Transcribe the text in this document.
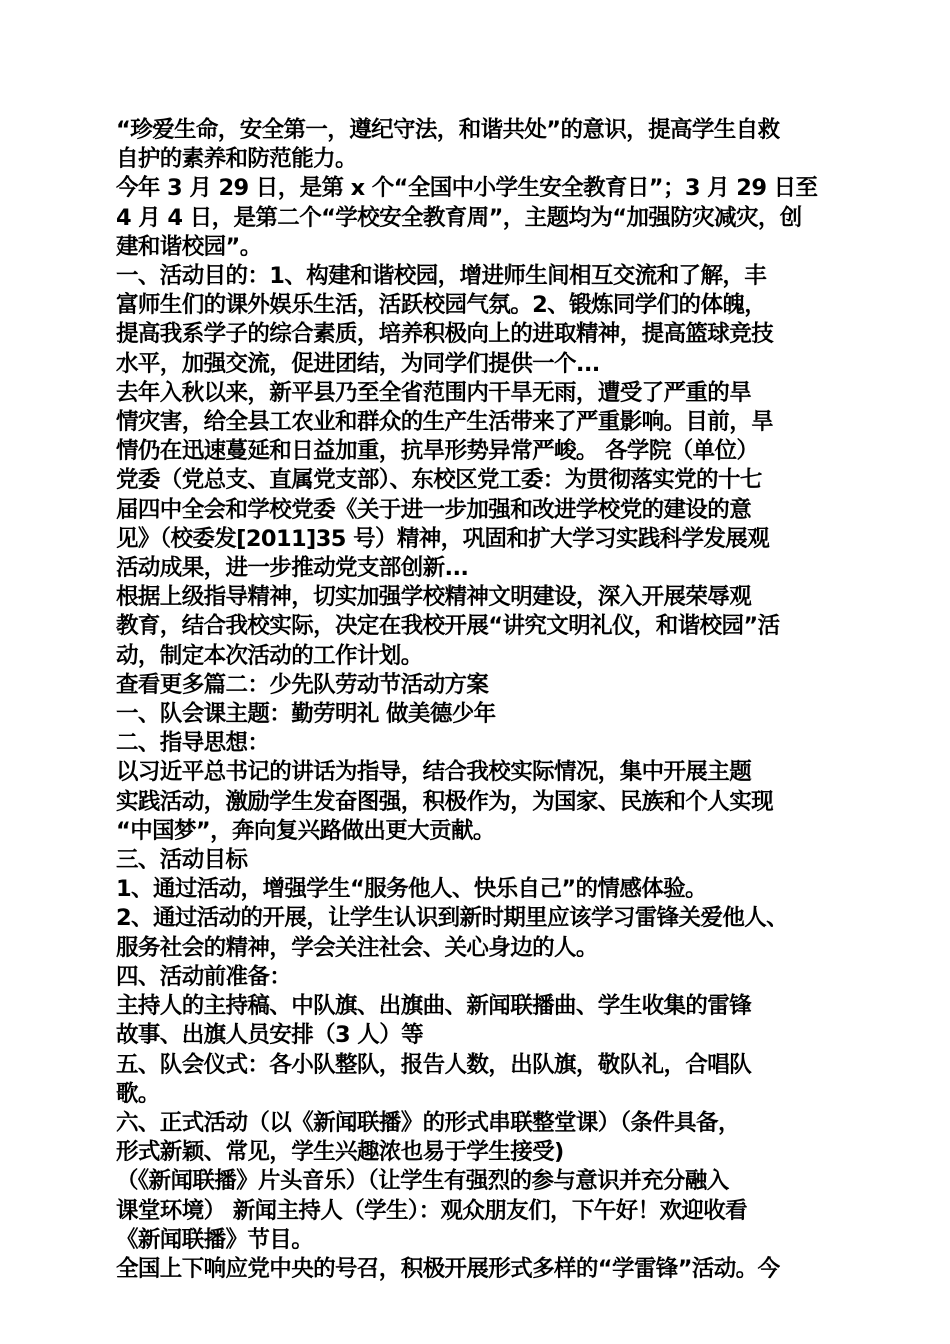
“珍爱生命，安全第一，遵纪守法，和谐共处”的意识，提高学生自救
自护的素养和防范能力。
今年 3 月 29 日，是第 x 个“全国中小学生安全教育日”；3 月 29 日至
4 月 4 日，是第二个“学校安全教育周”，主题均为“加强防灾减灾，创
建和谐校园”。
一、活动目的：1、构建和谐校园，增进师生间相互交流和了解，丰
富师生们的课外娱乐生活，活跃校园气氛。2、锻炼同学们的体魄，
提高我系学子的综合素质，培养积极向上的进取精神，提高篮球竞技
水平，加强交流，促进团结，为同学们提供一个...
去年入秋以来，新平县乃至全省范围内干旱无雨，遭受了严重的旱
情灾害，给全县工农业和群众的生产生活带来了严重影响。目前，旱
情仍在迅速蔓延和日益加重，抗旱形势异常严峻。 各学院（单位）
党委（党总支、直属党支部）、东校区党工委：为贯彻落实党的十七
届四中全会和学校党委《关于进一步加强和改进学校党的建设的意
见》（校委发[2011]35 号）精神，巩固和扩大学习实践科学发展观
活动成果，进一步推动党支部创新...
根据上级指导精神，切实加强学校精神文明建设，深入开展荣辱观
教育，结合我校实际，决定在我校开展“讲究文明礼仪，和谐校园”活
动，制定本次活动的工作计划。
查看更多篇二：少先队劳动节活动方案
一、队会课主题：勤劳明礼 做美德少年
二、指导思想：
以习近平总书记的讲话为指导，结合我校实际情况，集中开展主题
实践活动，激励学生发奋图强，积极作为，为国家、民族和个人实现
“中国梦”，奔向复兴路做出更大贡献。
三、活动目标
1、通过活动，增强学生“服务他人、快乐自己”的情感体验。
2、通过活动的开展，让学生认识到新时期里应该学习雷锋关爱他人、
服务社会的精神，学会关注社会、关心身边的人。
四、活动前准备：
主持人的主持稿、中队旗、出旗曲、新闻联播曲、学生收集的雷锋
故事、出旗人员安排（3 人）等
五、队会仪式：各小队整队，报告人数，出队旗，敬队礼，合唱队
歌。
六、正式活动（以《新闻联播》的形式串联整堂课）（条件具备，
形式新颖、常见，学生兴趣浓也易于学生接受)
（《新闻联播》片头音乐）（让学生有强烈的参与意识并充分融入
课堂环境） 新闻主持人（学生）：观众朋友们，下午好！欢迎收看
《新闻联播》节目。
全国上下响应党中央的号召，积极开展形式多样的“学雷锋”活动。今
